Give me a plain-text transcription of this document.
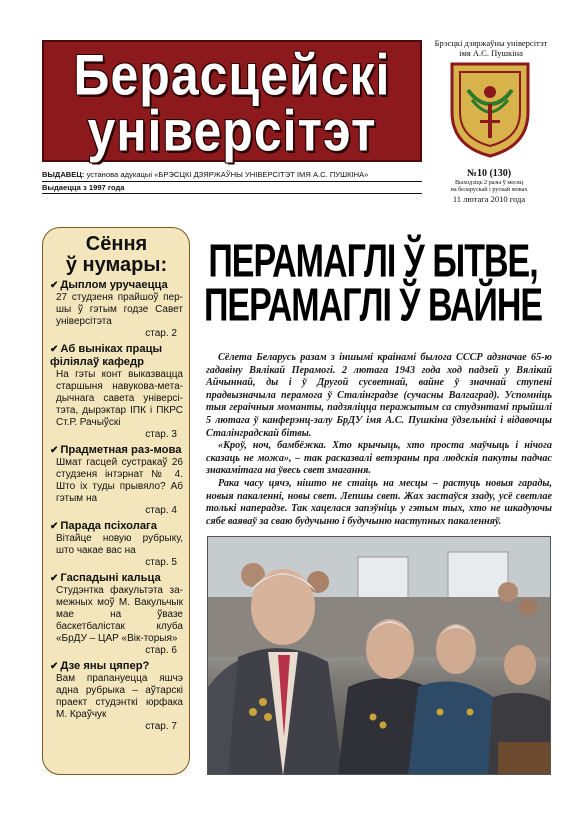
Берасцейскі
універсітэт
Брэсцкі дзяржаўны універсітэт імя А.С. Пушкіна
ВЫДАВЕЦ: установа адукацыі «БРЭСЦКІ ДЗЯРЖАЎНЫ УНІВЕРСІТЭТ ІМЯ А.С. ПУШКІНА»
Выдаецца з 1997 года
№10 (130)
Выходзіць 2 разы ў месяц
на беларускай і рускай мовах
11 лютага 2010 года
Сёння
ў нумары:
✔ Дыплом уручаецца
27 студзеня прайшоў пер-шы ў гэтым годзе Савет універсітэта
стар. 2
✔ Аб выніках працы філіялаў кафедр
На гэты конт выказвацца старшыня навукова-мета-дычнага савета універсі-тэта, дырэктар ІПК і ПКРС Ст.Р. Рачыўскі
стар. 3
✔ Прадметная раз-мова
Шмат гасцей сустракаў 26 студзеня інтэрнат № 4. Што іх туды прывяло? Аб гэтым на
стар. 4
✔ Парада псіхолага
Вітайце новую рубрыку, што чакае вас на
стар. 5
✔ Гаспадыні кальца
Студэнткa факультэта за-межных моў М. Вакульчык мае на ўвазе баскетбалістак клуба «БрДУ – ЦАР «Вік-торыя»
стар. 6
✔ Дзе яны цяпер?
Вам прапануецца яшчэ адна рубрыка – аўтарскі праект студэнткі юрфака М. Краўчук
стар. 7
ПЕРАМАГЛІ Ў БІТВЕ,
ПЕРАМАГЛІ Ў ВАЙНЕ

Сёлета Беларусь разам з іншымі краінамі былога СССР адзначае 65-ю гадавіну Вялікай Перамогі. 2 лютага 1943 года ход падзей у Вялікай Айчыннай, ды і ў Другой сусветнай, вайне ў значнай ступені прадвызначыла перамога ў Сталінградзе (сучасны Валгаград). Успомніць тыя гераічныя моманты, падзяліцца перажытым са студэнтамі прыйшлі 5 лютага ў канферэнц-залу БрДУ імя А.С. Пушкіна ўдзельнікі і відавочцы Сталінградскай бітвы.

«Кроў, ноч, бамбёжка. Хто крычыць, хто проста маўчыць і нічога сказаць не можа», – так расказвалі ветэраны пра людскія пакуты падчас знакамітага на ўвесь свет змагання.

Рака часу цячэ, нішто не стаіць на месцы – растуць новыя гарады, новыя пакаленні, новы свет. Лепшы свет. Жах застаўся ззаду, усё светлае толькі наперадзе. Так хацелася запэўніць у гэтым тых, хто не шкадуючы сябе ваяваў за сваю будучыню і будучыню наступных пакаленняў.
